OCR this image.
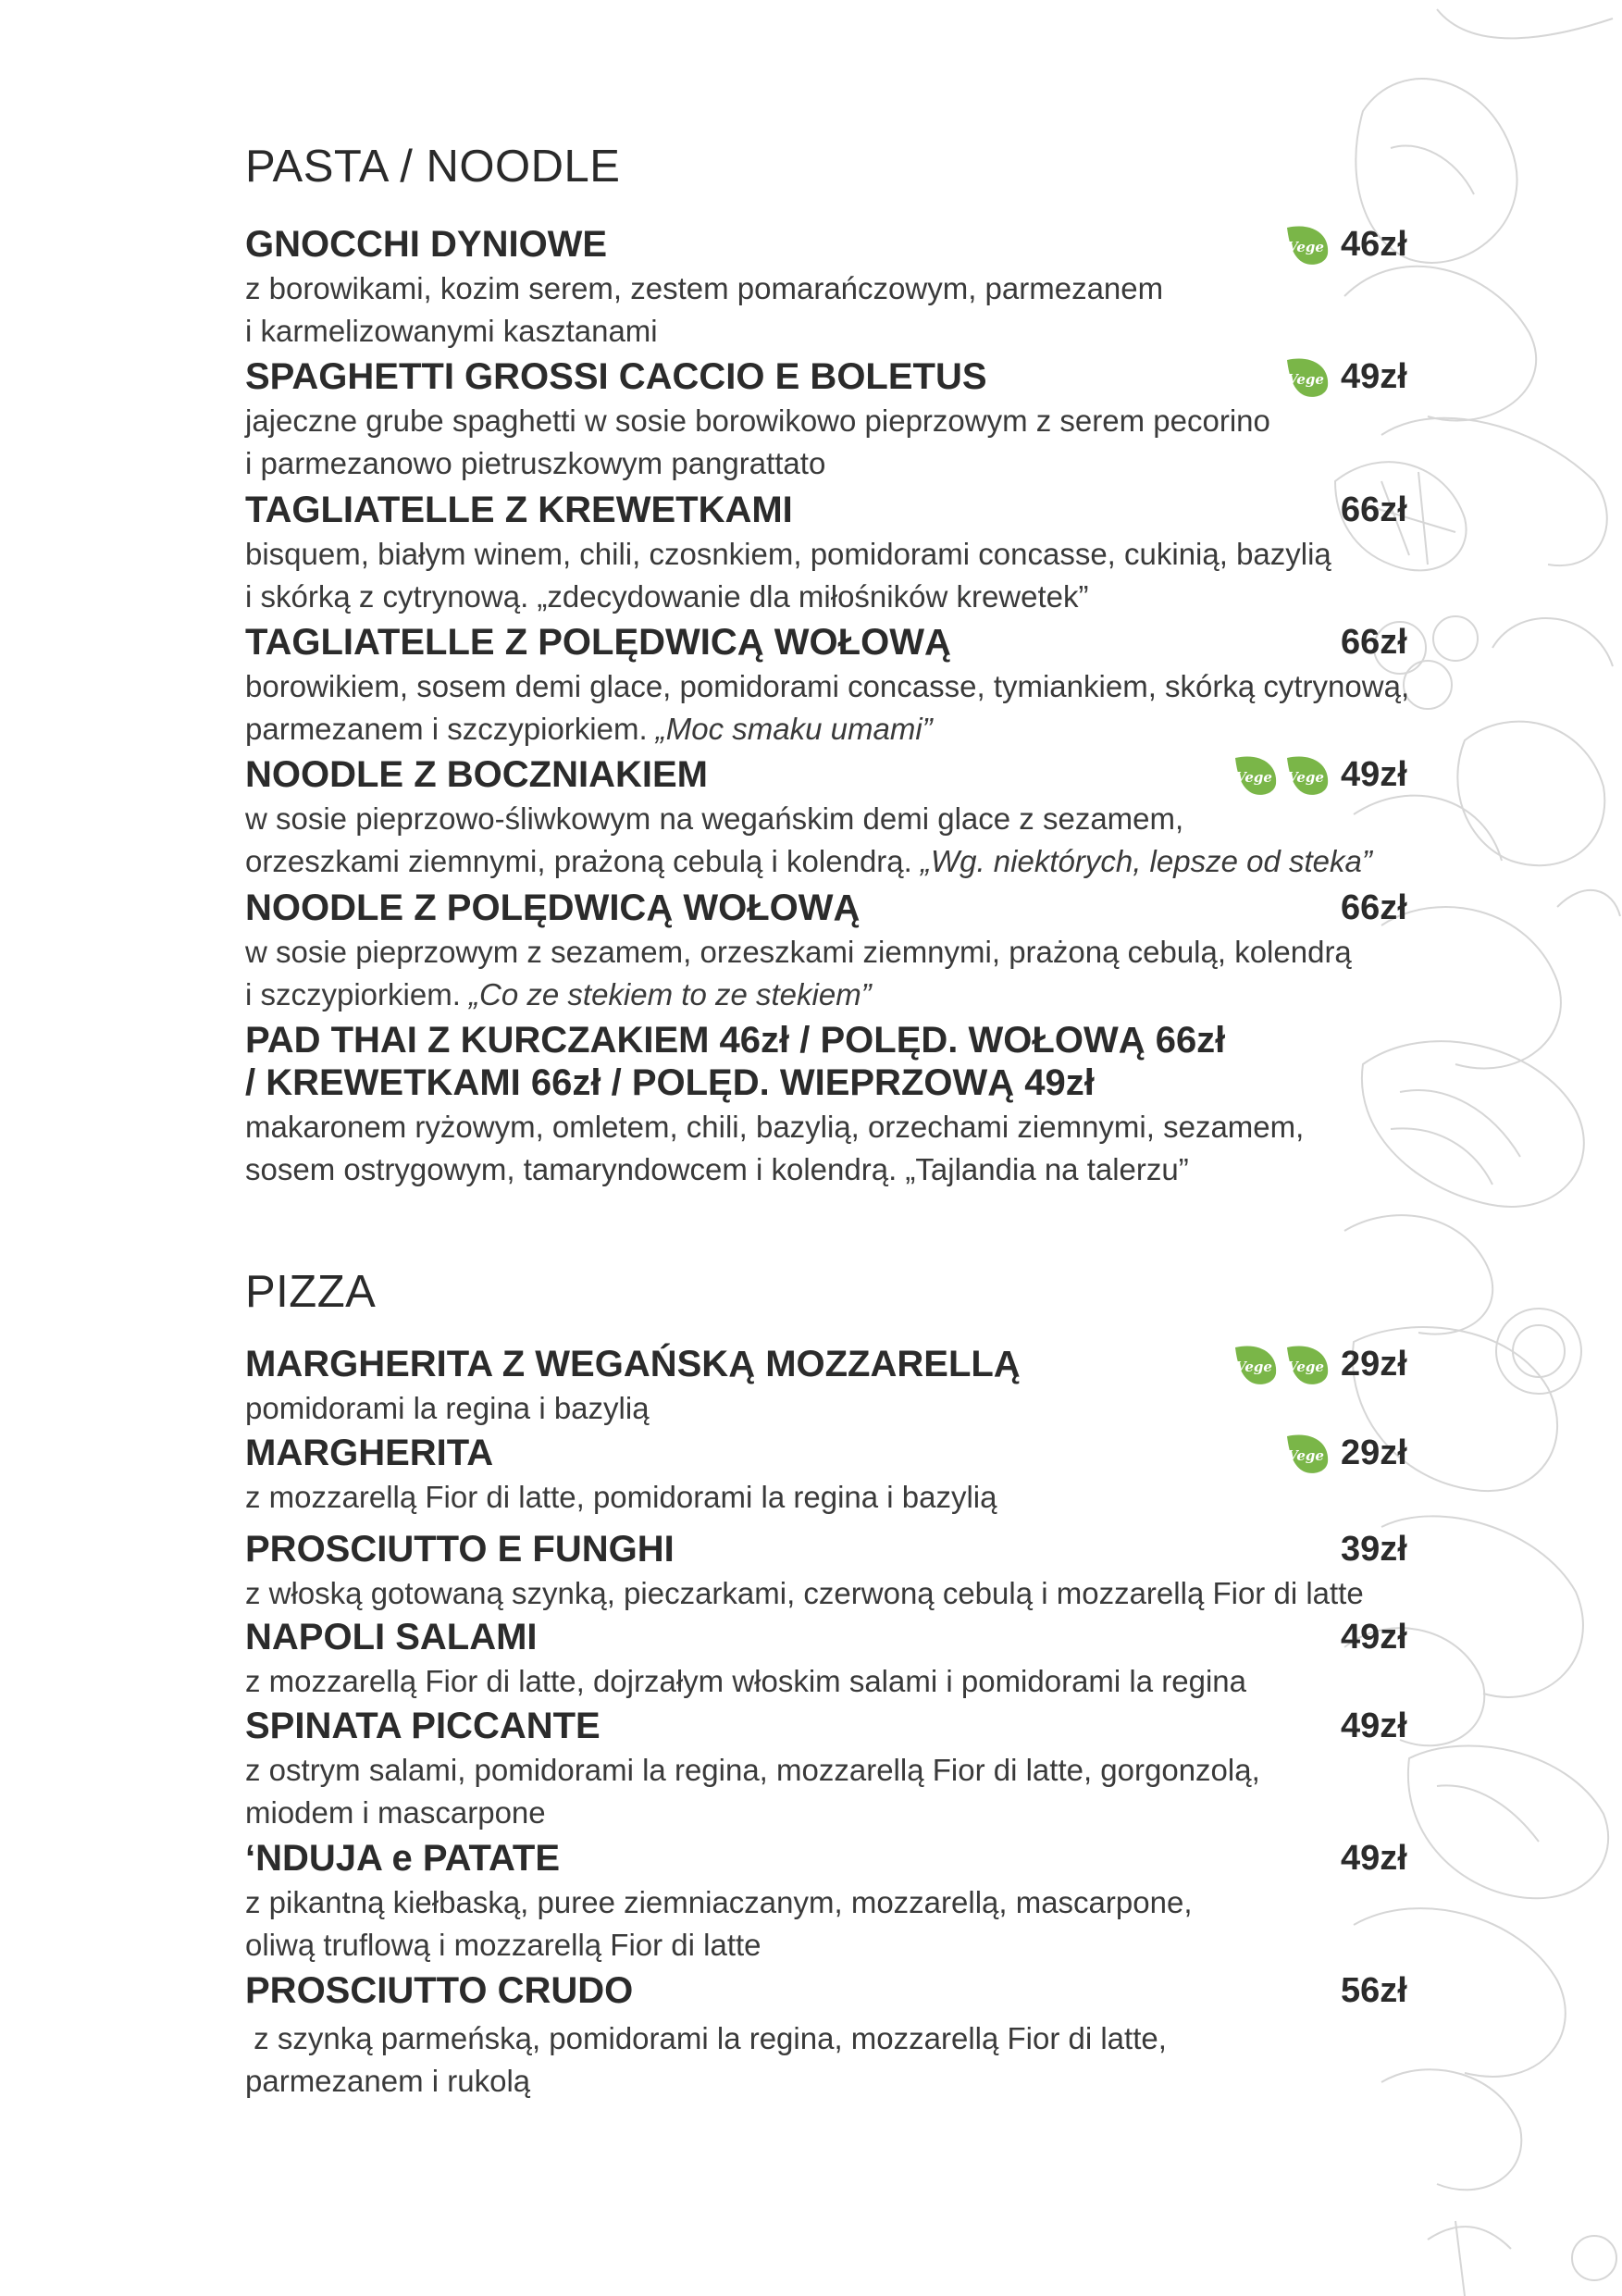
PASTA / NOODLE
GNOCCHI DYNIOWE	Vege 46zł
z borowikami, kozim serem, zestem pomarańczowym, parmezanem
i karmelizowanymi kasztanami
SPAGHETTI GROSSI CACCIO E BOLETUS	Vege 49zł
jajeczne grube spaghetti w sosie borowikowo pieprzowym z serem pecorino
i parmezanowo pietruszkowym pangrattato
TAGLIATELLE Z KREWETKAMI	66zł
bisquem, białym winem, chili, czosnkiem, pomidorami concasse, cukinią, bazylią
i skórką z cytrynową. „zdecydowanie dla miłośników krewetek”
TAGLIATELLE Z POLĘDWICĄ WOŁOWĄ	66zł
borowikiem, sosem demi glace, pomidorami concasse, tymiankiem, skórką cytrynową,
parmezanem i szczypiorkiem. „Moc smaku umami”
NOODLE Z BOCZNIAKIEM	Vege Vege 49zł
w sosie pieprzowo-śliwkowym na wegańskim demi glace z sezamem,
orzeszkami ziemnymi, prażoną cebulą i kolendrą. „Wg. niektórych, lepsze od steka”
NOODLE Z POLĘDWICĄ WOŁOWĄ	66zł
w sosie pieprzowym z sezamem, orzeszkami ziemnymi, prażoną cebulą, kolendrą
i szczypiorkiem. „Co ze stekiem to ze stekiem”
PAD THAI Z KURCZAKIEM 46zł / POLĘD. WOŁOWĄ 66zł
/ KREWETKAMI 66zł / POLĘD. WIEPRZOWĄ 49zł
makaronem ryżowym, omletem, chili, bazylią, orzechami ziemnymi, sezamem,
sosem ostrygowym, tamaryndowcem i kolendrą. „Tajlandia na talerzu”
PIZZA
MARGHERITA Z WEGAŃSKĄ MOZZARELLĄ	Vege Vege 29zł
pomidorami la regina i bazylią
MARGHERITA	Vege 29zł
z mozzarellą Fior di latte, pomidorami la regina i bazylią
PROSCIUTTO E FUNGHI	39zł
z włoską gotowaną szynką, pieczarkami, czerwoną cebulą i mozzarellą Fior di latte
NAPOLI SALAMI	49zł
z mozzarellą Fior di latte, dojrzałym włoskim salami i pomidorami la regina
SPINATA PICCANTE	49zł
z ostrym salami, pomidorami la regina, mozzarellą Fior di latte, gorgonzolą,
miodem i mascarpone
‘NDUJA e PATATE	49zł
z pikantną kiełbaską, puree ziemniaczanym, mozzarellą, mascarpone,
oliwą truflową i mozzarellą Fior di latte
PROSCIUTTO CRUDO	56zł
z szynką parmeńską, pomidorami la regina, mozzarellą Fior di latte,
parmezanem i rukolą
